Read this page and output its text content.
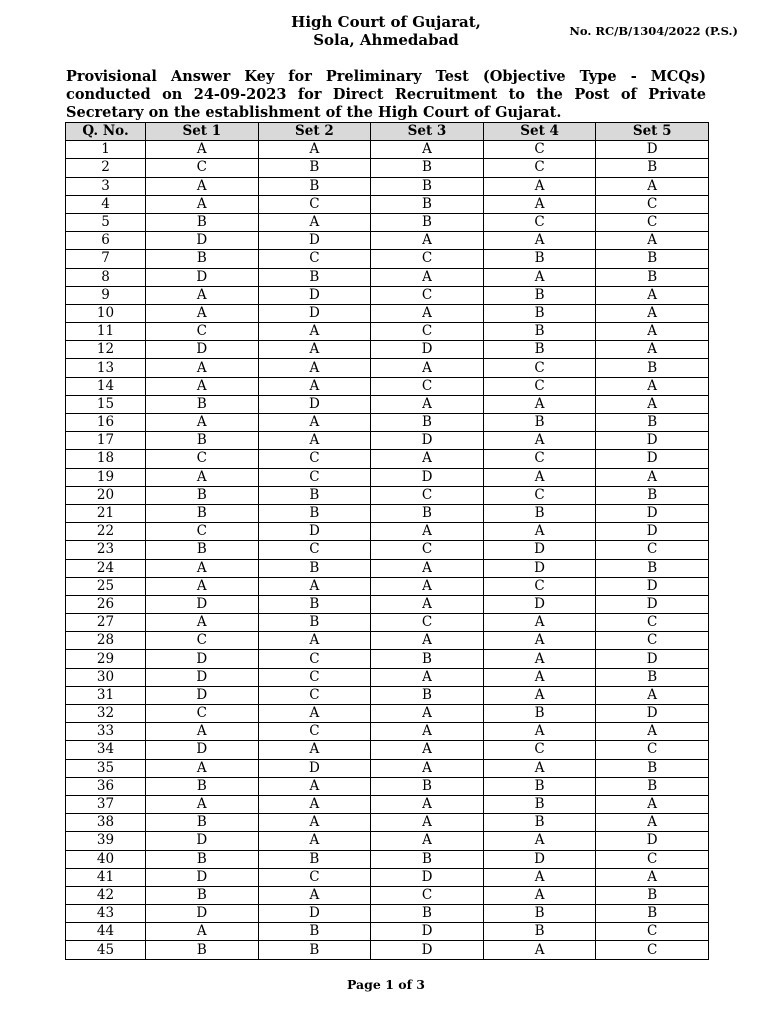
High Court of Gujarat,
Sola, Ahmedabad	No. RC/B/1304/2022 (P.S.)
Provisional Answer Key for Preliminary Test (Objective Type - MCQs) conducted on 24-09-2023 for Direct Recruitment to the Post of Private Secretary on the establishment of the High Court of Gujarat.
Q. No.	Set 1	Set 2	Set 3	Set 4	Set 5
1	A	A	A	C	D
2	C	B	B	C	B
3	A	B	B	A	A
4	A	C	B	A	C
5	B	A	B	C	C
6	D	D	A	A	A
7	B	C	C	B	B
8	D	B	A	A	B
9	A	D	C	B	A
10	A	D	A	B	A
11	C	A	C	B	A
12	D	A	D	B	A
13	A	A	A	C	B
14	A	A	C	C	A
15	B	D	A	A	A
16	A	A	B	B	B
17	B	A	D	A	D
18	C	C	A	C	D
19	A	C	D	A	A
20	B	B	C	C	B
21	B	B	B	B	D
22	C	D	A	A	D
23	B	C	C	D	C
24	A	B	A	D	B
25	A	A	A	C	D
26	D	B	A	D	D
27	A	B	C	A	C
28	C	A	A	A	C
29	D	C	B	A	D
30	D	C	A	A	B
31	D	C	B	A	A
32	C	A	A	B	D
33	A	C	A	A	A
34	D	A	A	C	C
35	A	D	A	A	B
36	B	A	B	B	B
37	A	A	A	B	A
38	B	A	A	B	A
39	D	A	A	A	D
40	B	B	B	D	C
41	D	C	D	A	A
42	B	A	C	A	B
43	D	D	B	B	B
44	A	B	D	B	C
45	B	B	D	A	C
Page 1 of 3
